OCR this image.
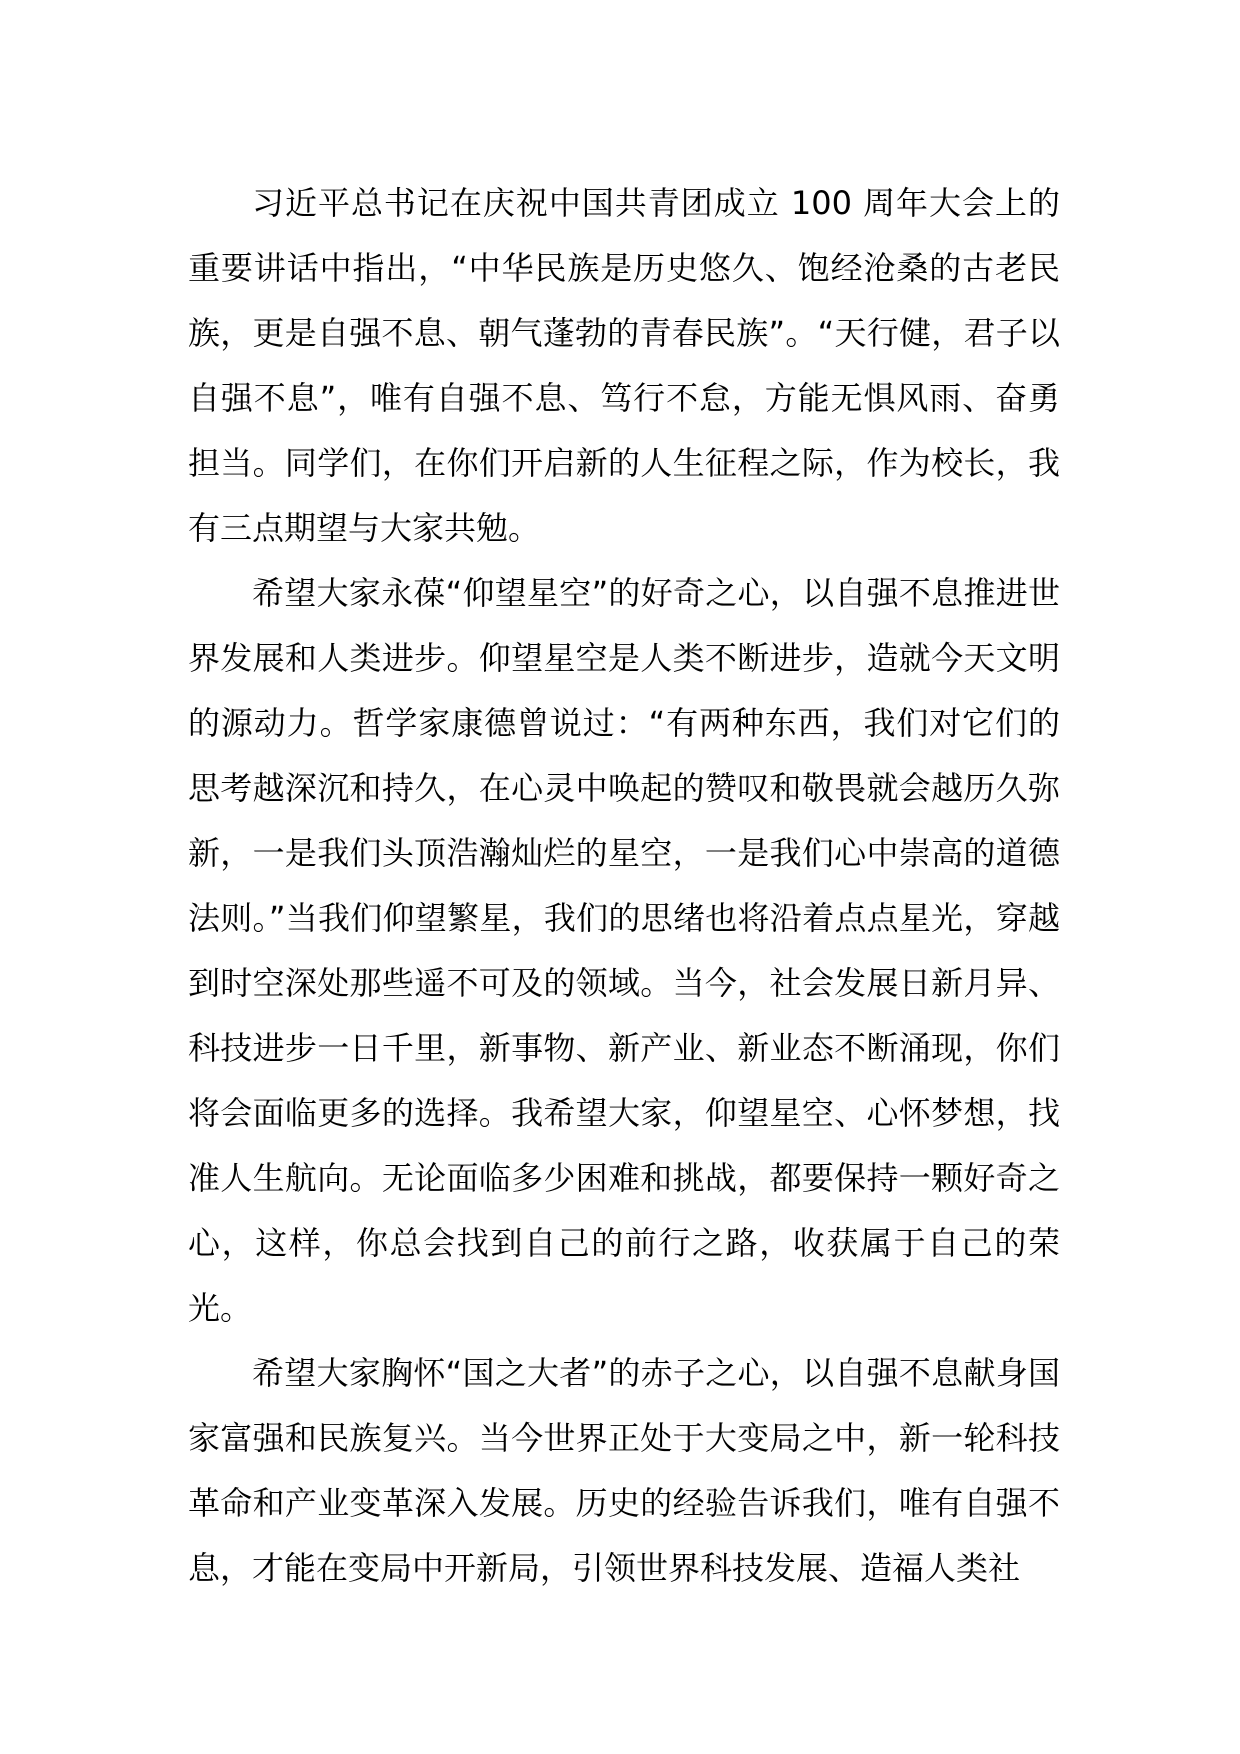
习近平总书记在庆祝中国共青团成立 100 周年大会上的重要讲话中指出，“中华民族是历史悠久、饱经沧桑的古老民族，更是自强不息、朝气蓬勃的青春民族”。“天行健，君子以自强不息”，唯有自强不息、笃行不怠，方能无惧风雨、奋勇担当。同学们，在你们开启新的人生征程之际，作为校长，我有三点期望与大家共勉。

希望大家永葆“仰望星空”的好奇之心，以自强不息推进世界发展和人类进步。仰望星空是人类不断进步，造就今天文明的源动力。哲学家康德曾说过：“有两种东西，我们对它们的思考越深沉和持久，在心灵中唤起的赞叹和敬畏就会越历久弥新，一是我们头顶浩瀚灿烂的星空，一是我们心中崇高的道德法则。”当我们仰望繁星，我们的思绪也将沿着点点星光，穿越到时空深处那些遥不可及的领域。当今，社会发展日新月异、科技进步一日千里，新事物、新产业、新业态不断涌现，你们将会面临更多的选择。我希望大家，仰望星空、心怀梦想，找准人生航向。无论面临多少困难和挑战，都要保持一颗好奇之心，这样，你总会找到自己的前行之路，收获属于自己的荣光。

希望大家胸怀“国之大者”的赤子之心，以自强不息献身国家富强和民族复兴。当今世界正处于大变局之中，新一轮科技革命和产业变革深入发展。历史的经验告诉我们，唯有自强不息，才能在变局中开新局，引领世界科技发展、造福人类社
